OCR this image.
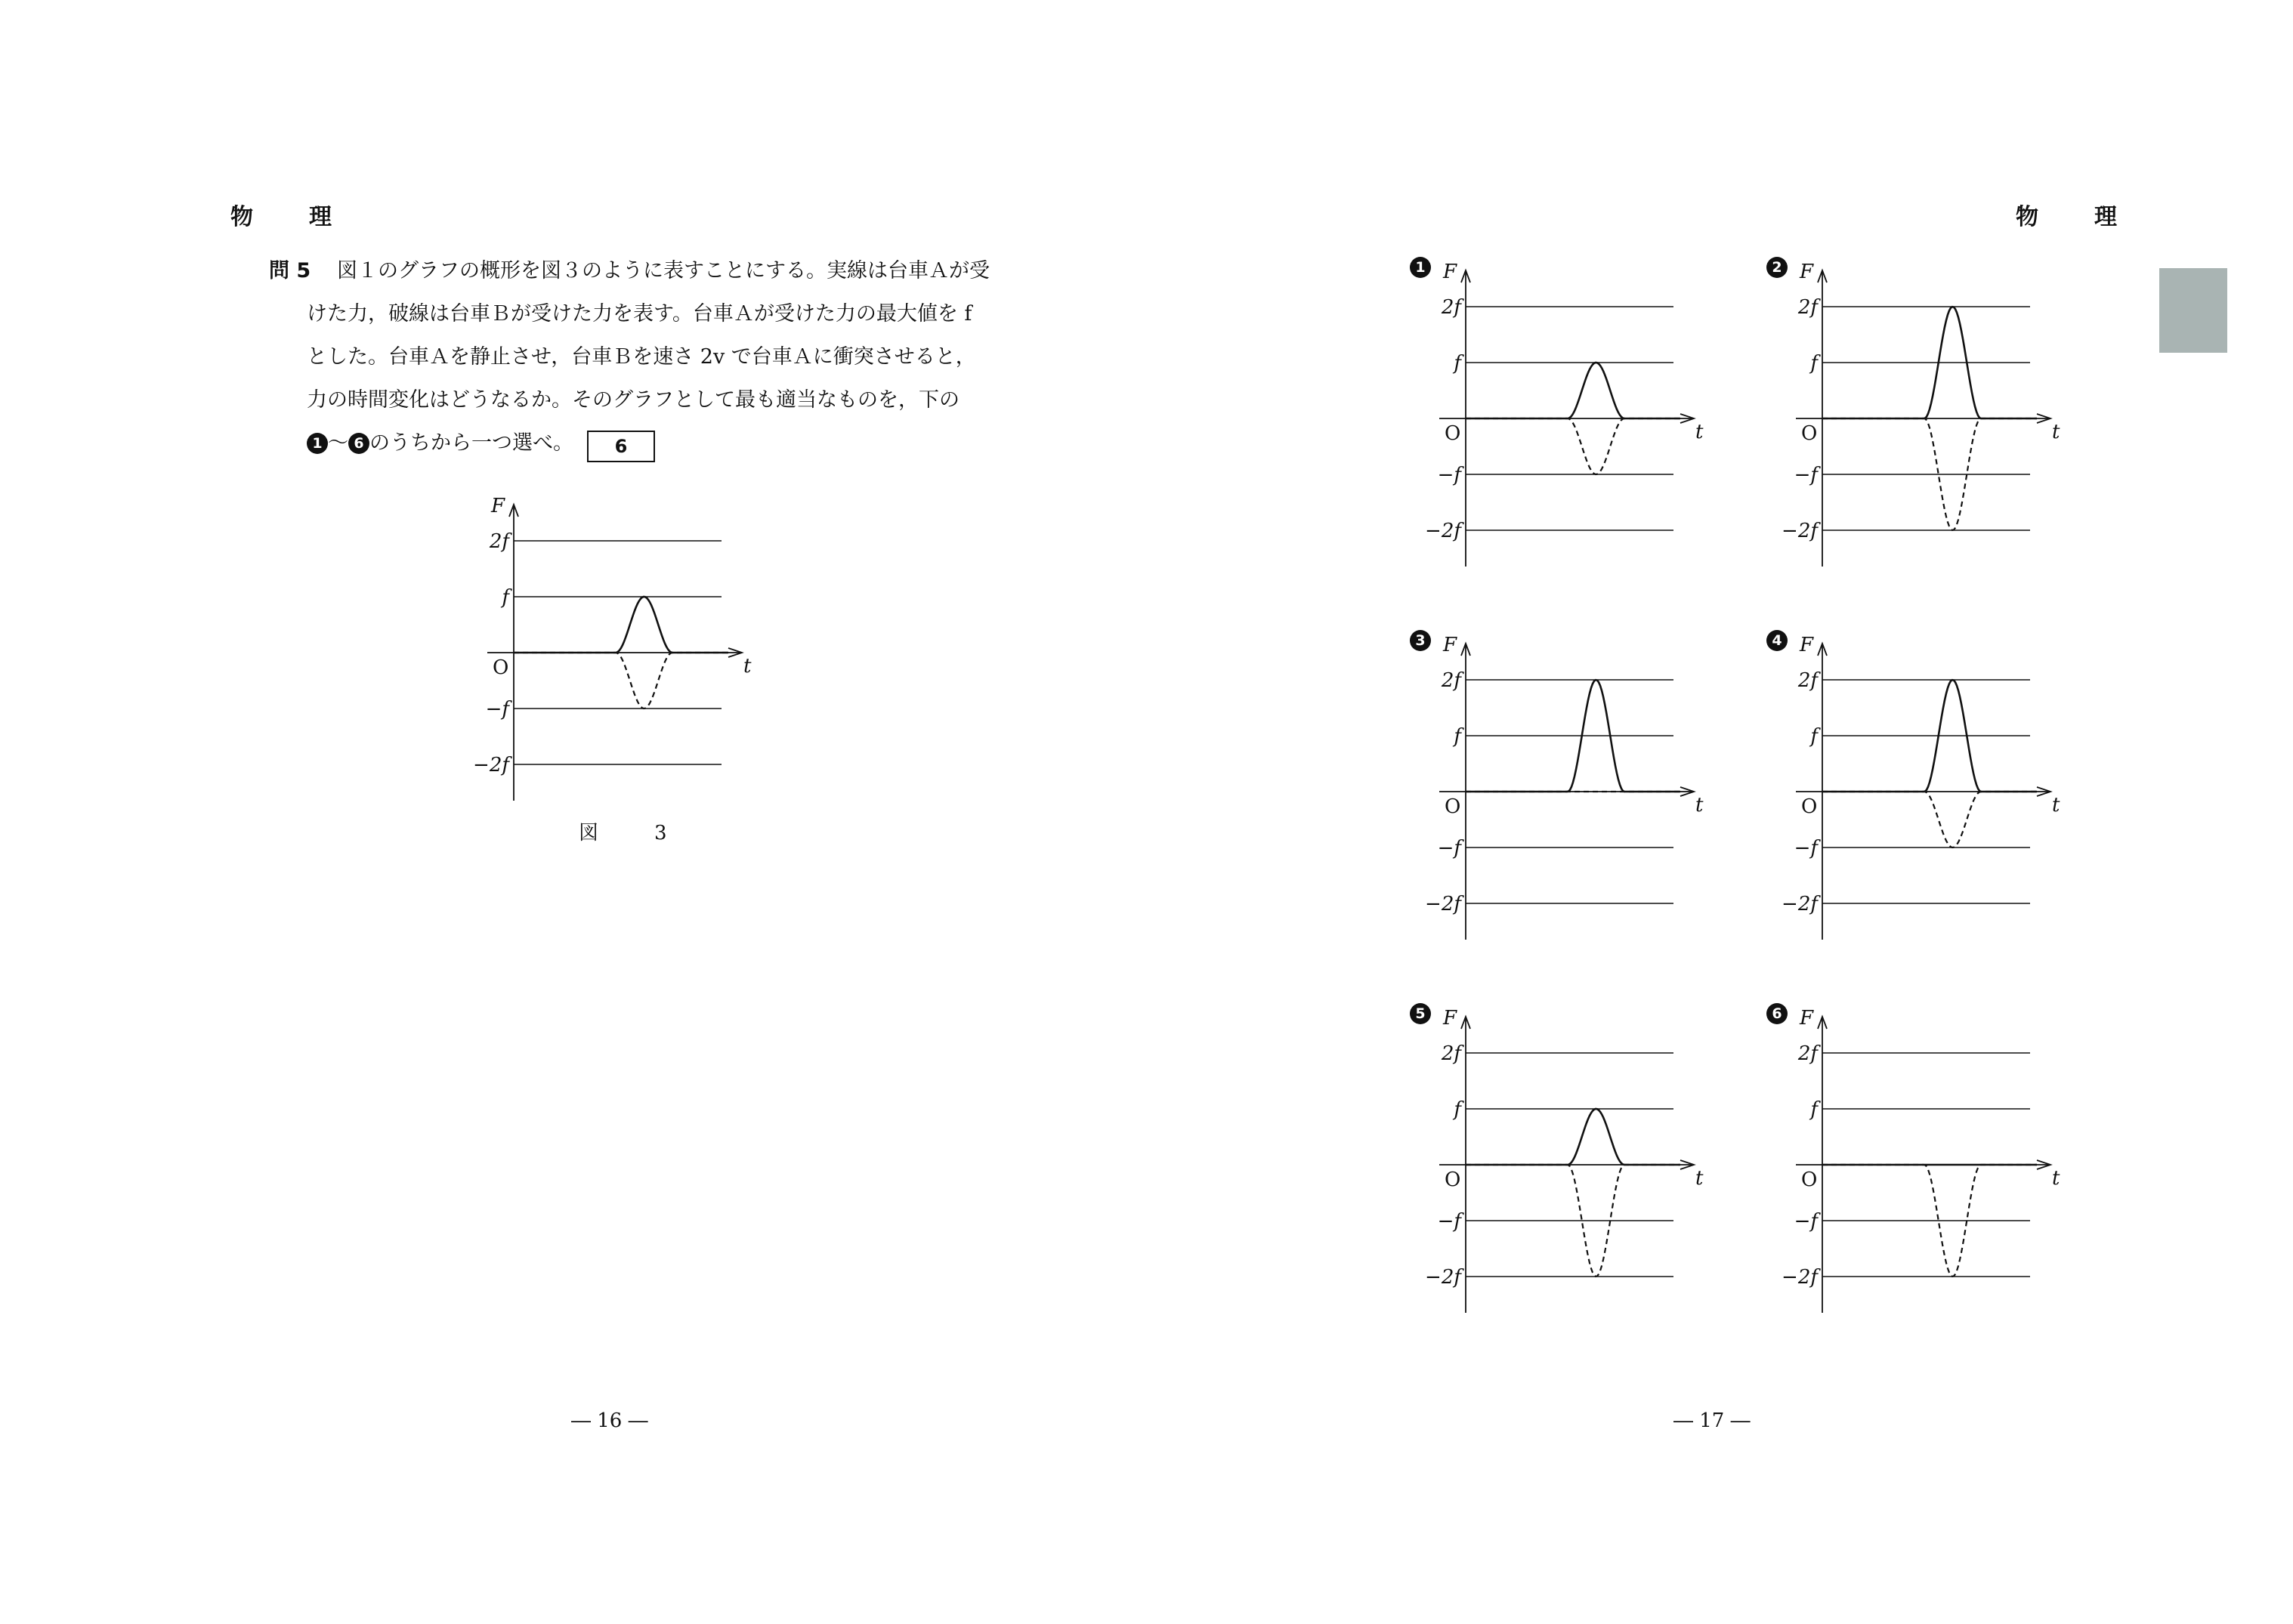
物　理	物　理
問 5 図１のグラフの概形を図３のように表すことにする。実線は台車Ａが受
けた力，破線は台車Ｂが受けた力を表す。台車Ａが受けた力の最大値を f
とした。台車Ａを静止させ，台車Ｂを速さ 2v で台車Ａに衝突させると，
力の時間変化はどうなるか。そのグラフとして最も適当なものを，下の
1 〜 6 のうちから一つ選べ。 6
2f
f
−f
−2f
F
t
O
図　3
1
2f
f
−f
−2f
F
t
O
2
2f
f
−f
−2f
F
t
O
3
2f
f
−f
−2f
F
t
O
4
2f
f
−f
−2f
F
t
O
5
2f
f
−f
−2f
F
t
O
6
2f
f
−f
−2f
F
t
O
― 16 ―	― 17 ―
